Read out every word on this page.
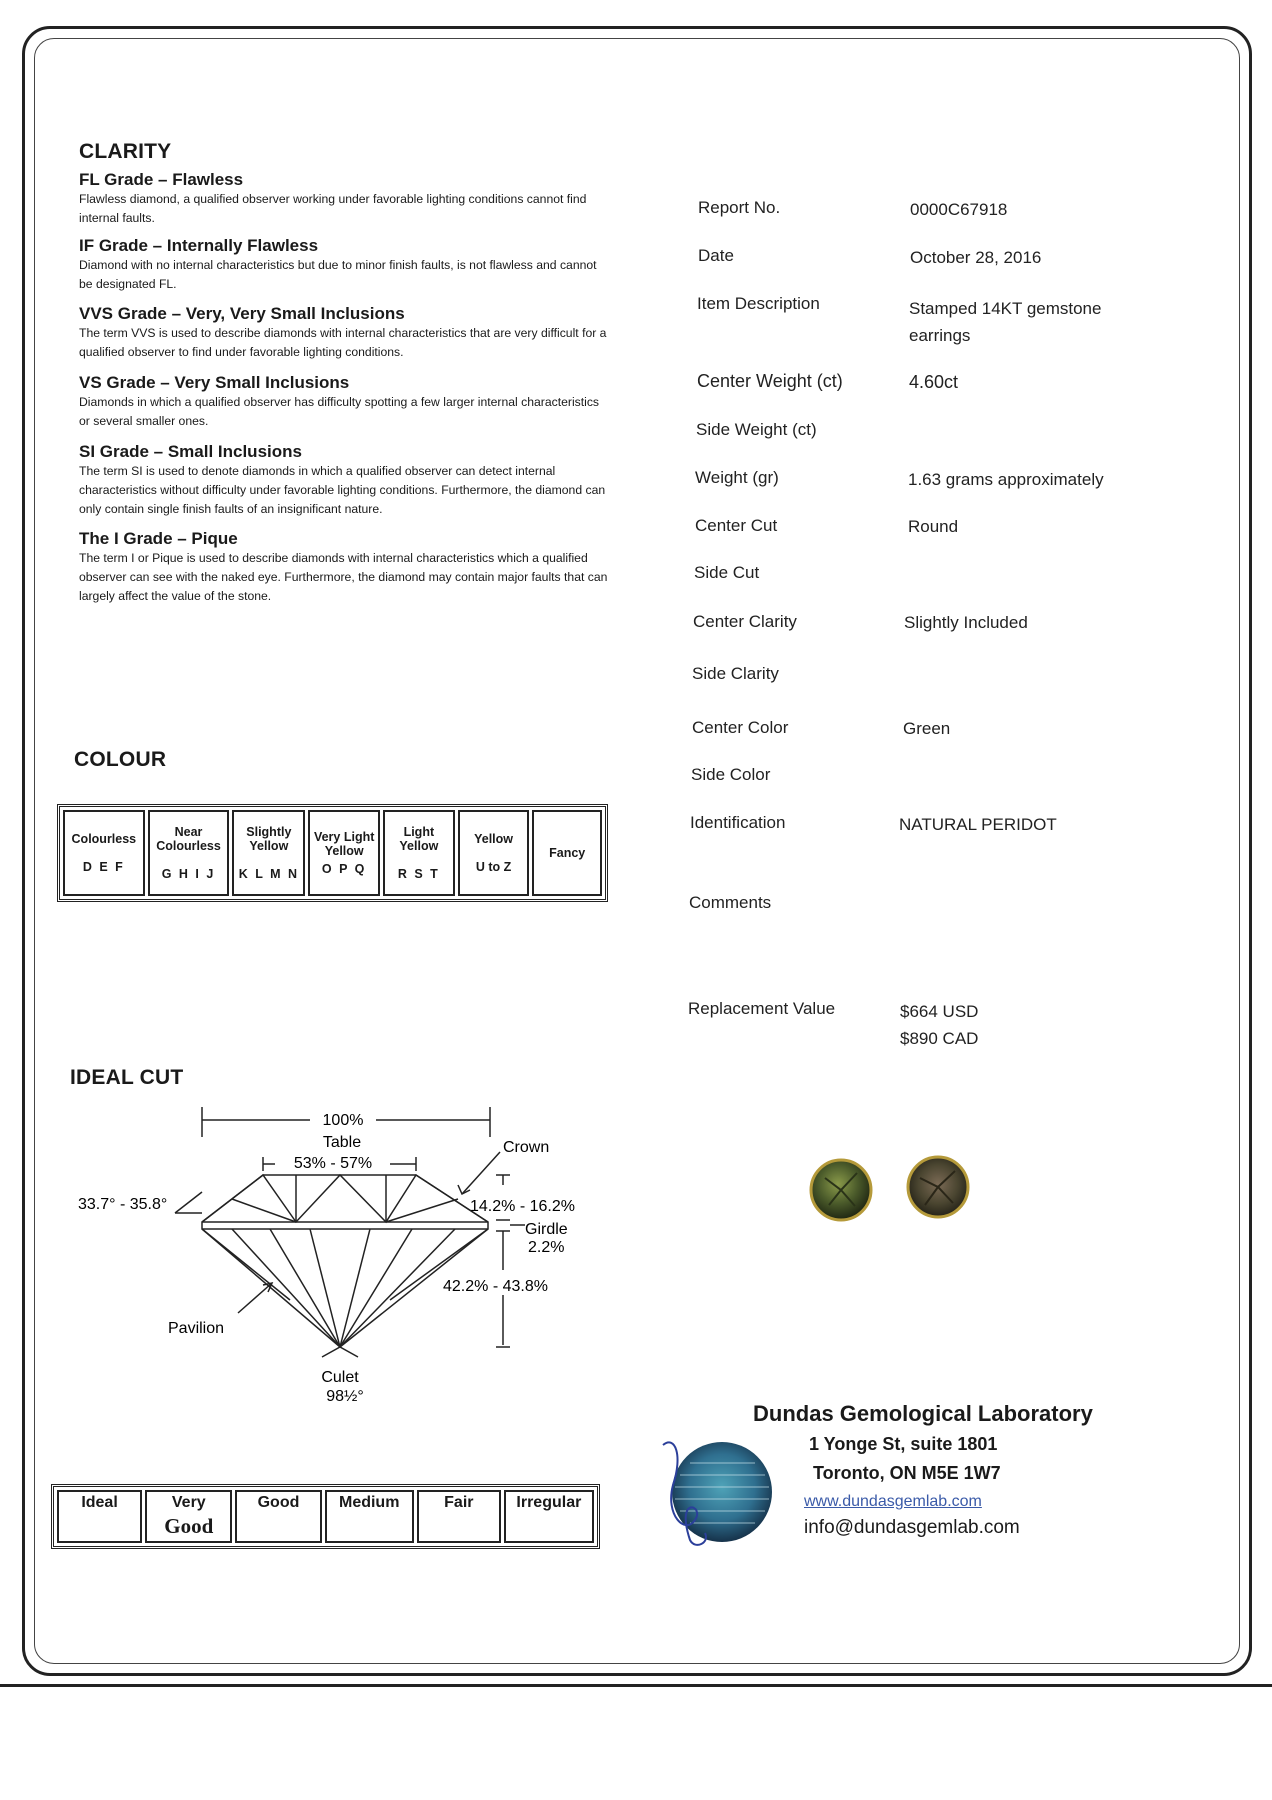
CLARITY
FL Grade – Flawless
Flawless diamond, a qualified observer working under favorable lighting conditions cannot find internal faults.
IF Grade – Internally Flawless
Diamond with no internal characteristics but due to minor finish faults, is not flawless and cannot be designated FL.
VVS Grade – Very, Very Small Inclusions
The term VVS is used to describe diamonds with internal characteristics that are very difficult for a qualified observer to find under favorable lighting conditions.
VS Grade – Very Small Inclusions
Diamonds in which a qualified observer has difficulty spotting a few larger internal characteristics or several smaller ones.
SI Grade – Small Inclusions
The term SI is used to denote diamonds in which a qualified observer can detect internal characteristics without difficulty under favorable lighting conditions. Furthermore, the diamond can only contain single finish faults of an insignificant nature.
The I Grade – Pique
The term I or Pique is used to describe diamonds with internal characteristics which a qualified observer can see with the naked eye. Furthermore, the diamond may contain major faults that can largely affect the value of the stone.
COLOUR
Colourless
D E F

Near Colourless
G H I J

Slightly Yellow
K L M N

Very Light Yellow
O P Q

Light Yellow
R S T

Yellow
U to Z

Fancy
IDEAL CUT
100%
Table
53% - 57%
Crown
33.7° - 35.8°	14.2% - 16.2%
Girdle
2.2%
42.2% - 43.8%
Pavilion
Culet
98½°
Ideal	Very
Good
	Good	Medium	Fair	Irregular
Report No.	0000C67918
Date	October 28, 2016
Item Description	Stamped 14KT gemstone earrings
Center Weight (ct)	4.60ct
Side Weight (ct)
Weight (gr)	1.63 grams approximately
Center Cut	Round
Side Cut
Center Clarity	Slightly Included
Side Clarity
Center Color	Green
Side Color
Identification	NATURAL PERIDOT
Comments
Replacement Value	$664 USD
$890 CAD
Dundas Gemological Laboratory
1 Yonge St, suite 1801
Toronto, ON M5E 1W7
www.dundasgemlab.com
info@dundasgemlab.com
